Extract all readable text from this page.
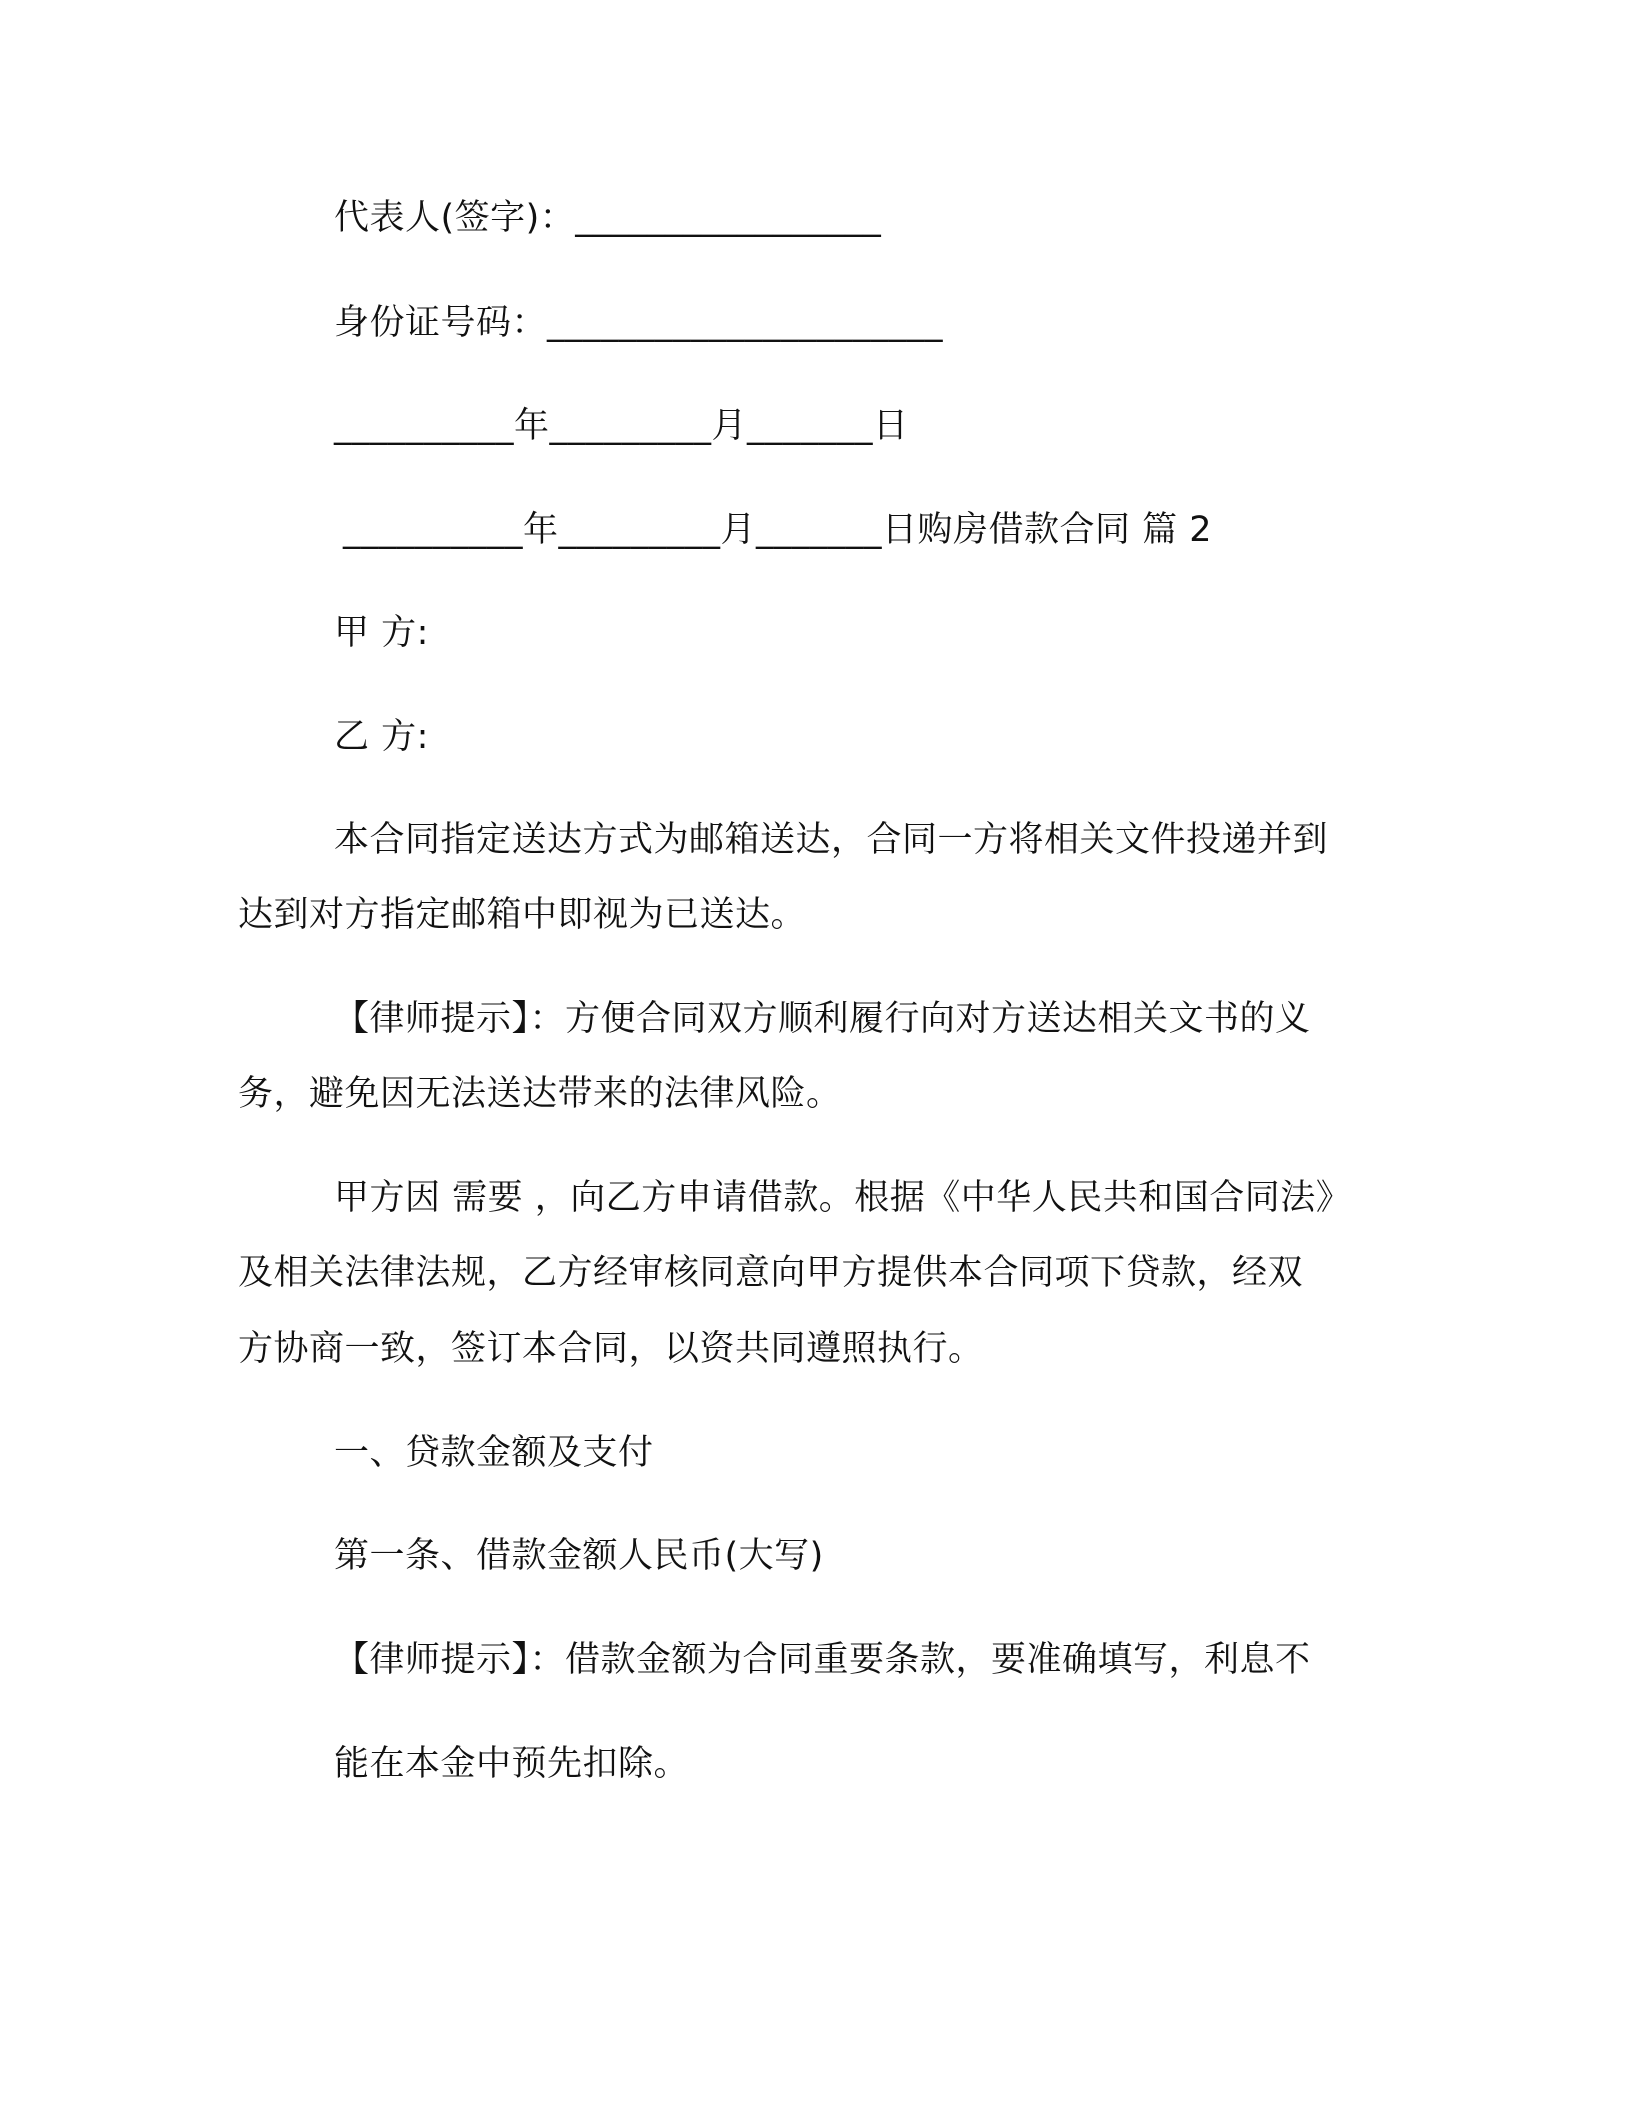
代表人(签字)：_________________

身份证号码：______________________

__________年_________月_______日

__________年_________月_______日购房借款合同 篇 2

甲 方:

乙 方:

本合同指定送达方式为邮箱送达，合同一方将相关文件投递并到

达到对方指定邮箱中即视为已送达。

【律师提示】：方便合同双方顺利履行向对方送达相关文书的义

务，避免因无法送达带来的法律风险。

甲方因 需要 ，向乙方申请借款。根据《中华人民共和国合同法》

及相关法律法规，乙方经审核同意向甲方提供本合同项下贷款，经双

方协商一致，签订本合同，以资共同遵照执行。

一、贷款金额及支付

第一条、借款金额人民币(大写)

【律师提示】：借款金额为合同重要条款，要准确填写，利息不

能在本金中预先扣除。
